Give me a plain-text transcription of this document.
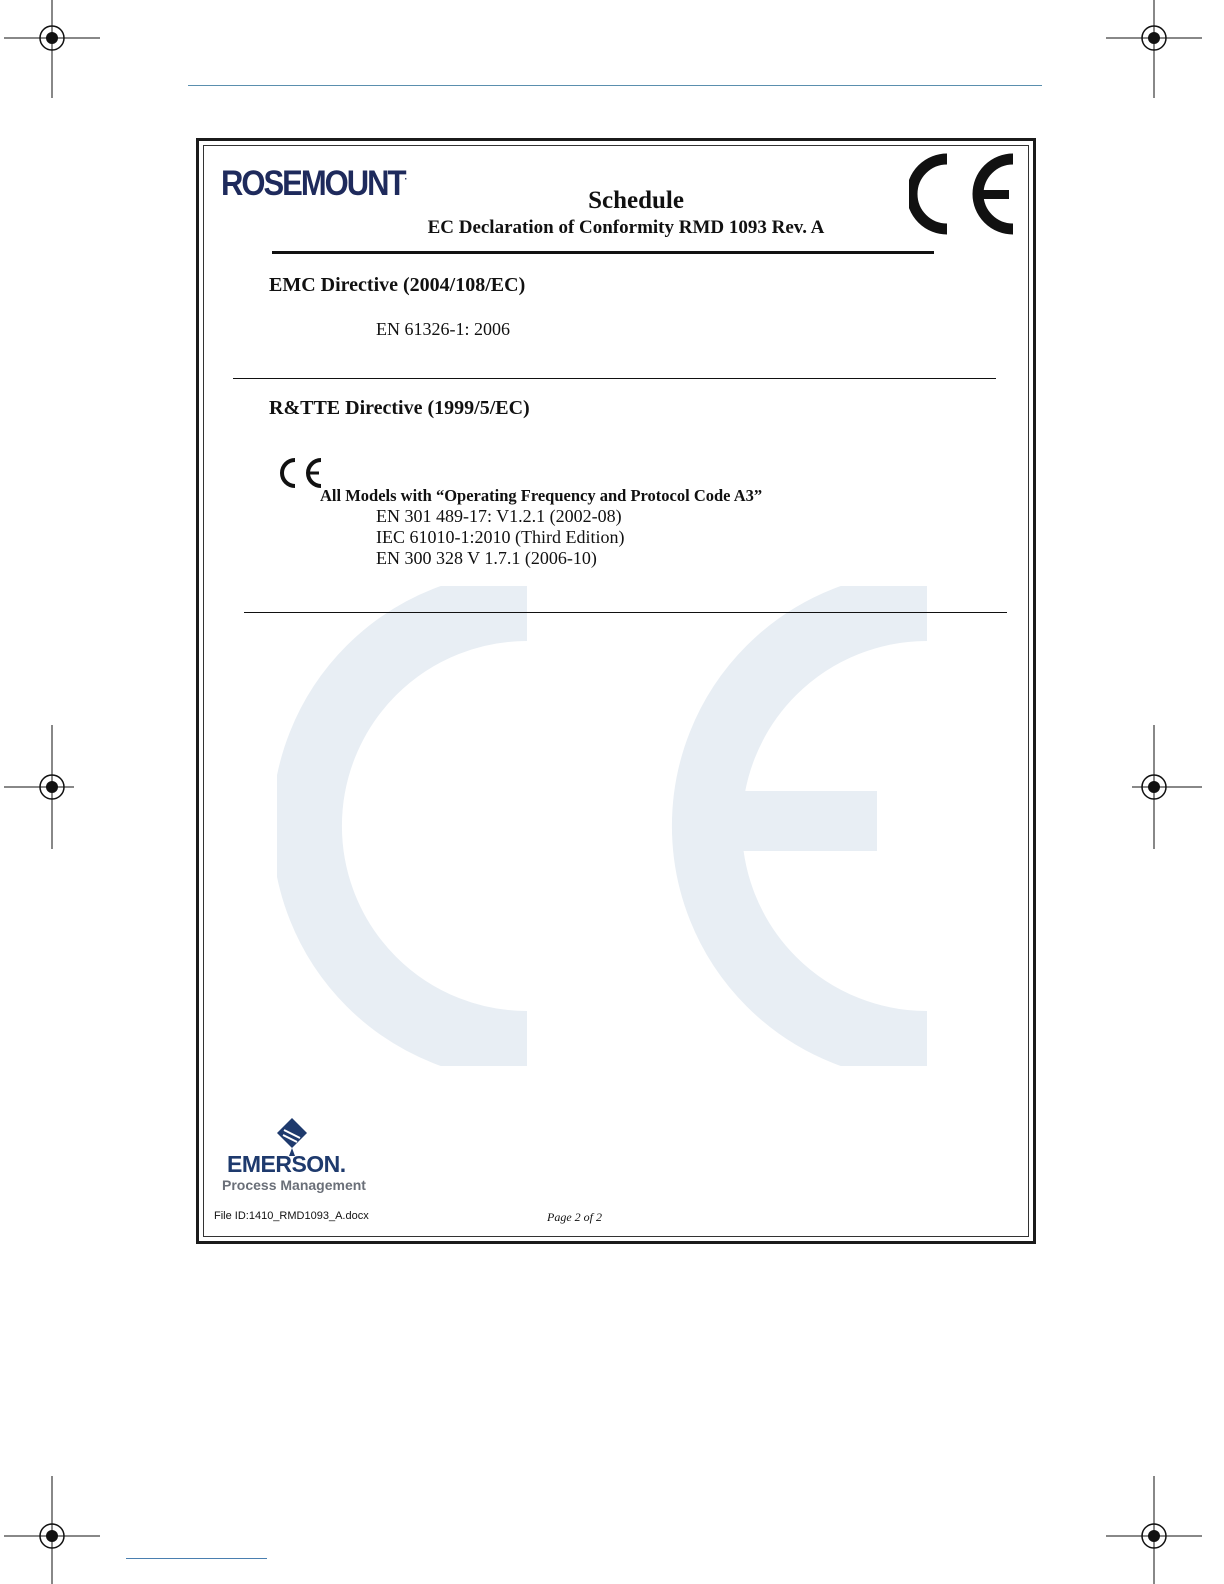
ROSEMOUNT·
Schedule
EC Declaration of Conformity RMD 1093 Rev. A
EMC Directive (2004/108/EC)
EN 61326-1: 2006
R&TTE Directive (1999/5/EC)
All Models with “Operating Frequency and Protocol Code A3”
EN 301 489-17: V1.2.1 (2002-08)
IEC 61010-1:2010 (Third Edition)
EN 300 328 V 1.7.1 (2006-10)
EMERSON.
Process Management
File ID:1410_RMD1093_A.docx	Page 2 of 2
